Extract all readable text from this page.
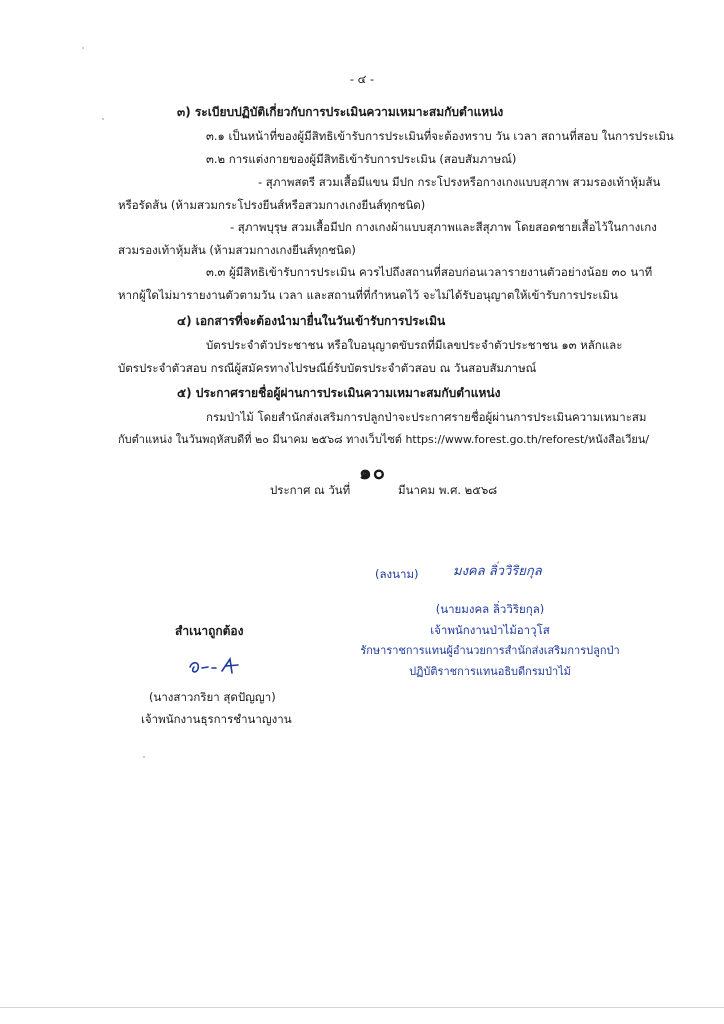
- ๔ -
๓) ระเบียบปฏิบัติเกี่ยวกับการประเมินความเหมาะสมกับตำแหน่ง
๓.๑ เป็นหน้าที่ของผู้มีสิทธิเข้ารับการประเมินที่จะต้องทราบ วัน เวลา สถานที่สอบ ในการประเมิน
๓.๒ การแต่งกายของผู้มีสิทธิเข้ารับการประเมิน (สอบสัมภาษณ์)
- สุภาพสตรี สวมเสื้อมีแขน มีปก กระโปรงหรือกางเกงแบบสุภาพ สวมรองเท้าหุ้มส้น
หรือรัดส้น (ห้ามสวมกระโปรงยีนส์หรือสวมกางเกงยีนส์ทุกชนิด)
- สุภาพบุรุษ สวมเสื้อมีปก กางเกงผ้าแบบสุภาพและสีสุภาพ โดยสอดชายเสื้อไว้ในกางเกง
สวมรองเท้าหุ้มส้น (ห้ามสวมกางเกงยีนส์ทุกชนิด)
๓.๓ ผู้มีสิทธิเข้ารับการประเมิน ควรไปถึงสถานที่สอบก่อนเวลารายงานตัวอย่างน้อย ๓๐ นาที
หากผู้ใดไม่มารายงานตัวตามวัน เวลา และสถานที่ที่กำหนดไว้ จะไม่ได้รับอนุญาตให้เข้ารับการประเมิน
๔) เอกสารที่จะต้องนำมายื่นในวันเข้ารับการประเมิน
บัตรประจำตัวประชาชน หรือใบอนุญาตขับรถที่มีเลขประจำตัวประชาชน ๑๓ หลักและ
บัตรประจำตัวสอบ กรณีผู้สมัครทางไปรษณีย์รับบัตรประจำตัวสอบ ณ วันสอบสัมภาษณ์
๕) ประกาศรายชื่อผู้ผ่านการประเมินความเหมาะสมกับตำแหน่ง
กรมป่าไม้ โดยสำนักส่งเสริมการปลูกป่าจะประกาศรายชื่อผู้ผ่านการประเมินความเหมาะสม
กับตำแหน่ง ในวันพฤหัสบดีที่ ๒๐ มีนาคม ๒๕๖๘ ทางเว็บไซต์ https://www.forest.go.th/reforest/หนังสือเวียน/
ประกาศ ณ วันที่
๑๐
มีนาคม พ.ศ. ๒๕๖๘
(ลงนาม)	มงคล ลิ่ววิริยกุล
(นายมงคล ลิ่ววิริยกุล)
เจ้าพนักงานป่าไม้อาวุโส
รักษาราชการแทนผู้อำนวยการสำนักส่งเสริมการปลูกป่า
ปฏิบัติราชการแทนอธิบดีกรมป่าไม้
สำเนาถูกต้อง
(นางสาวกริยา สุดปัญญา)
เจ้าพนักงานธุรการชำนาญงาน
